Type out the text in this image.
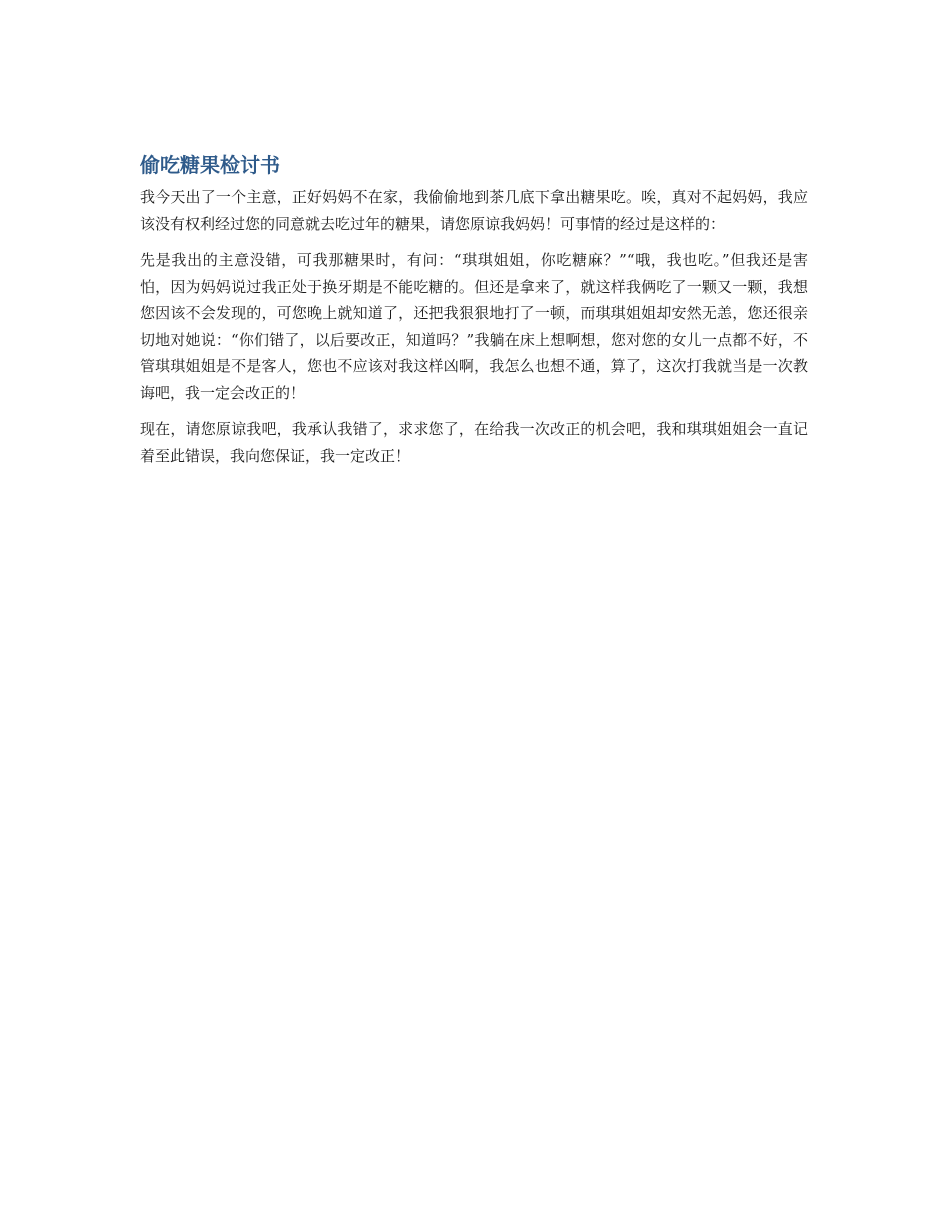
偷吃糖果检讨书

我今天出了一个主意，正好妈妈不在家，我偷偷地到茶几底下拿出糖果吃。唉，真对不起妈妈，我应该没有权利经过您的同意就去吃过年的糖果，请您原谅我妈妈！可事情的经过是这样的：

先是我出的主意没错，可我那糖果时，有问：“琪琪姐姐，你吃糖麻？”“哦，我也吃。”但我还是害怕，因为妈妈说过我正处于换牙期是不能吃糖的。但还是拿来了，就这样我俩吃了一颗又一颗，我想您因该不会发现的，可您晚上就知道了，还把我狠狠地打了一顿，而琪琪姐姐却安然无恙，您还很亲切地对她说：“你们错了，以后要改正，知道吗？”我躺在床上想啊想，您对您的女儿一点都不好，不管琪琪姐姐是不是客人，您也不应该对我这样凶啊，我怎么也想不通，算了，这次打我就当是一次教诲吧，我一定会改正的！

现在，请您原谅我吧，我承认我错了，求求您了，在给我一次改正的机会吧，我和琪琪姐姐会一直记着至此错误，我向您保证，我一定改正！
